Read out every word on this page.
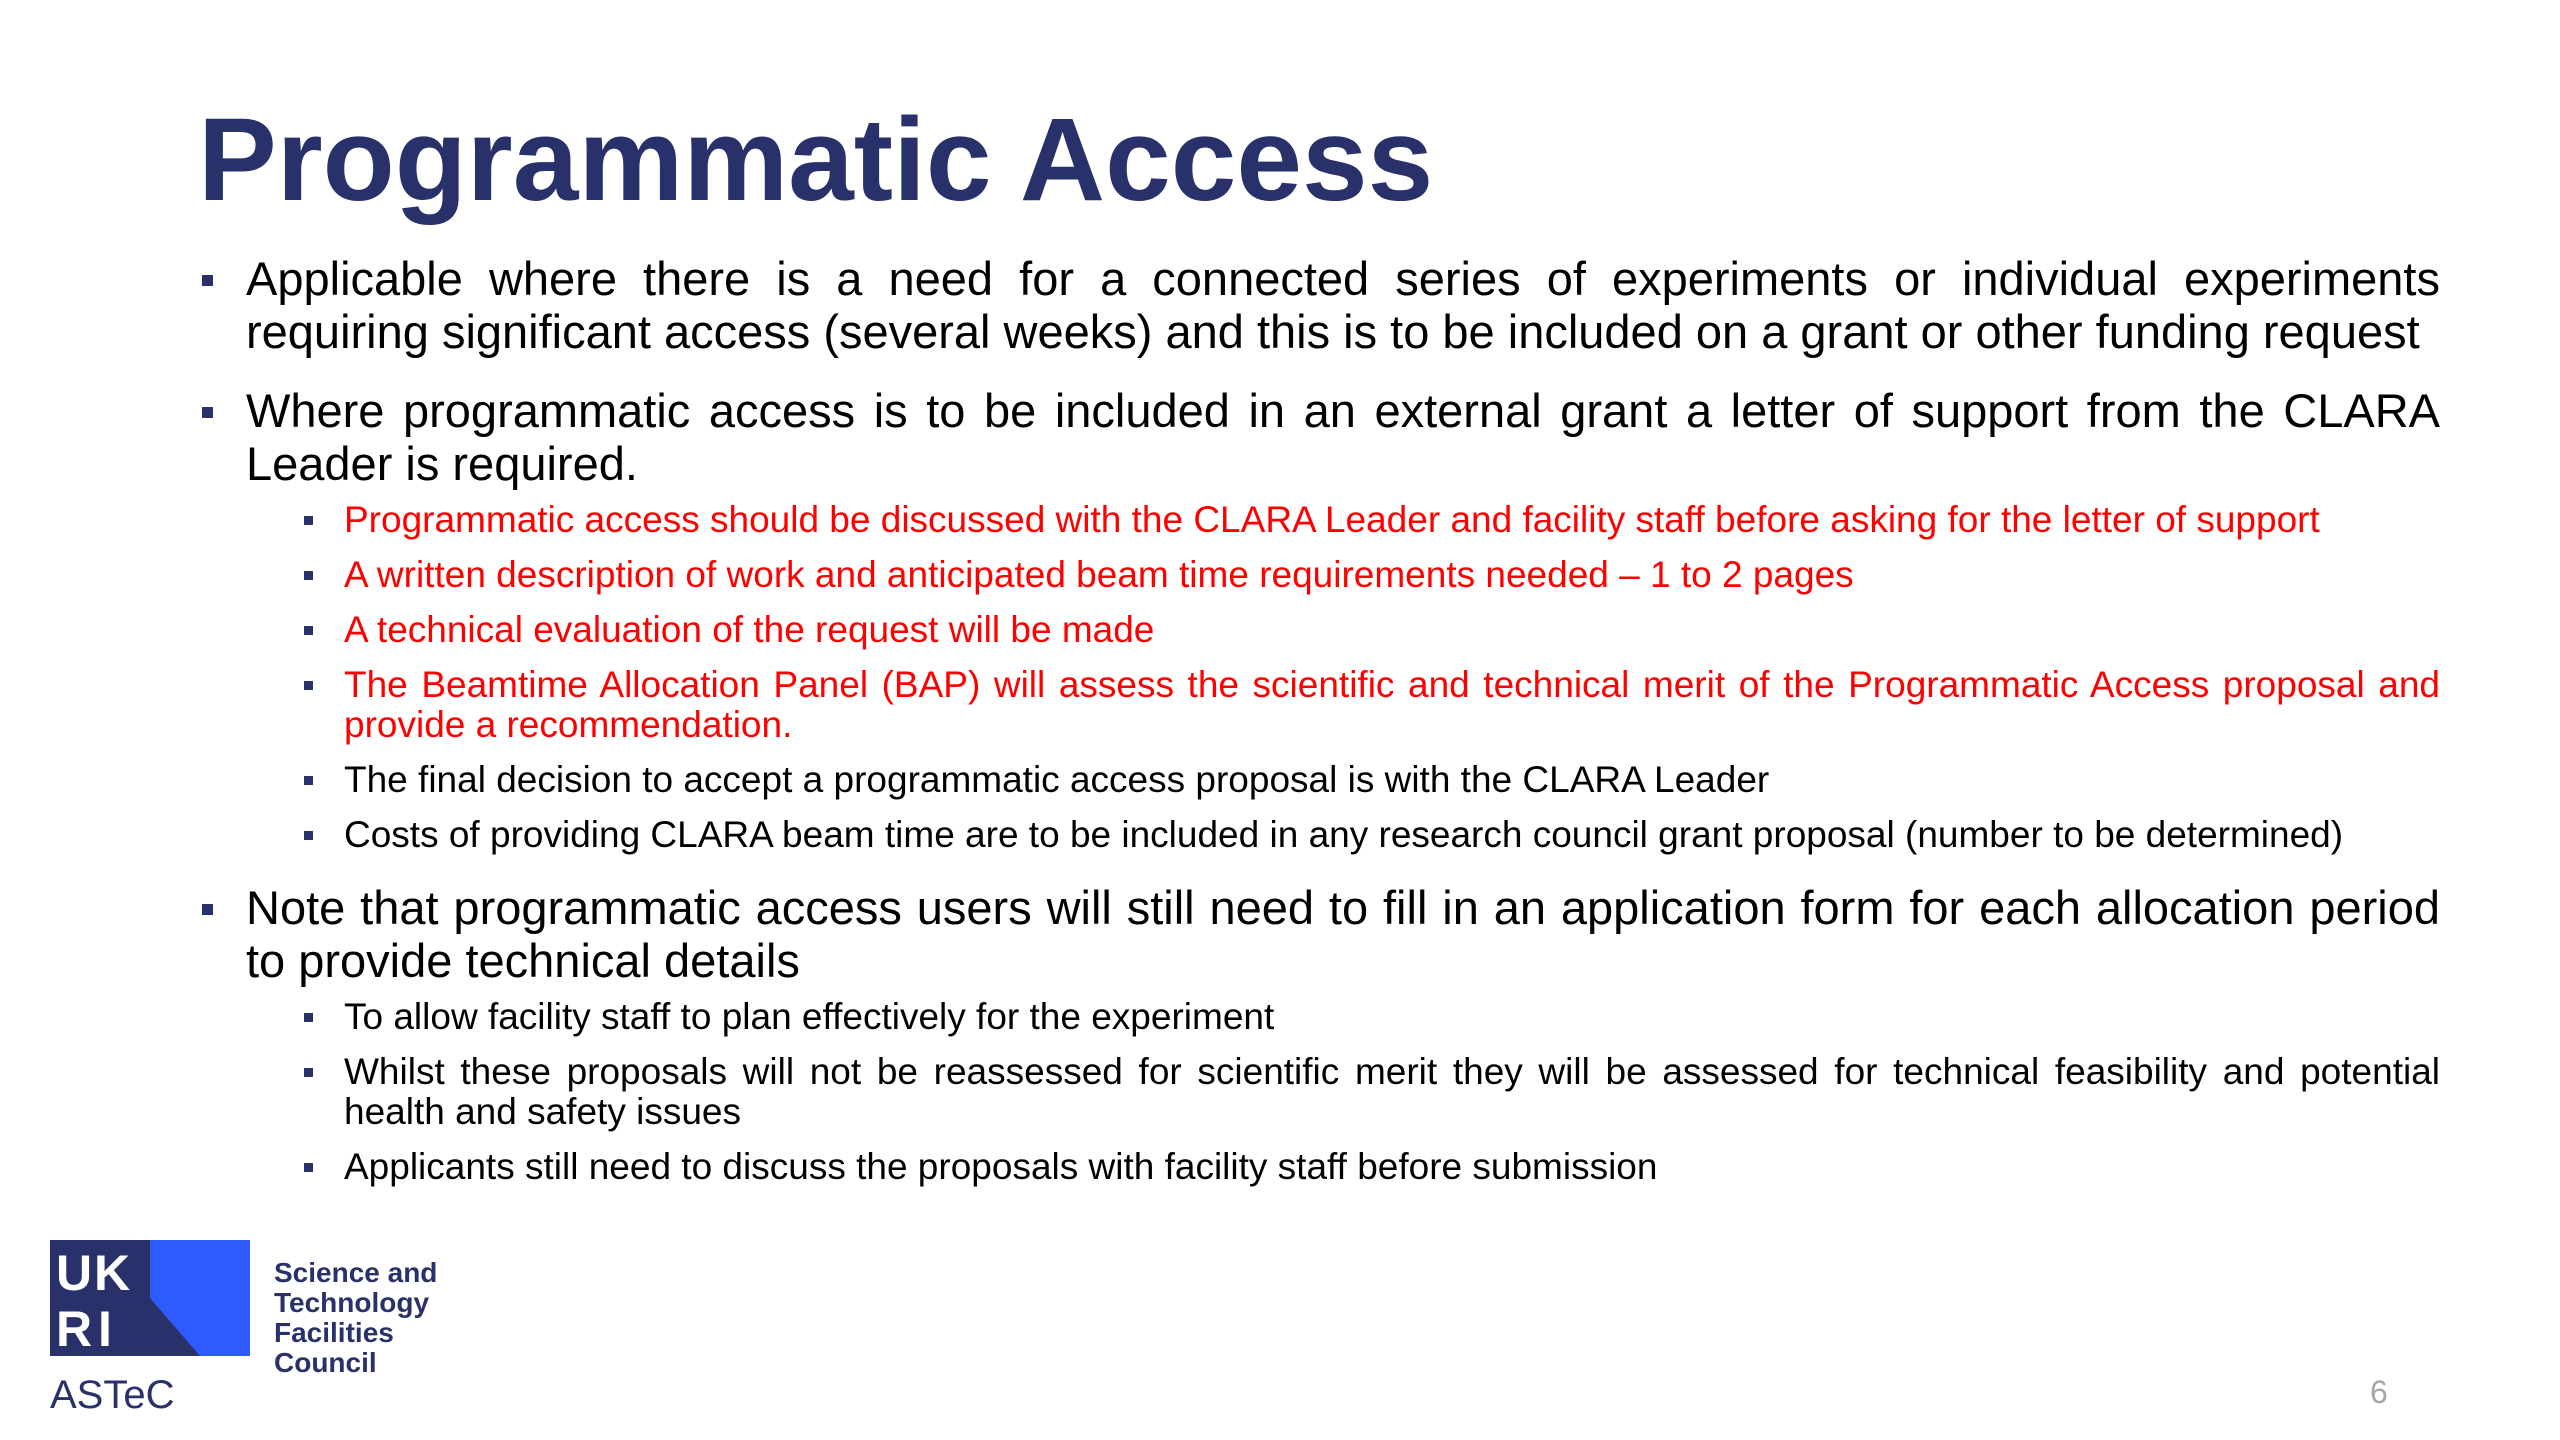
Programmatic Access
Applicable where there is a need for a connected series of experiments or individual experiments requiring significant access (several weeks) and this is to be included on a grant or other funding request
Where programmatic access is to be included in an external grant a letter of support from the CLARA Leader is required.
Programmatic access should be discussed with the CLARA Leader and facility staff before asking for the letter of support
A written description of work and anticipated beam time requirements needed – 1 to 2 pages
A technical evaluation of the request will be made
The Beamtime Allocation Panel (BAP) will assess the scientific and technical merit of the Programmatic Access proposal and provide a recommendation.
The final decision to accept a programmatic access proposal is with the CLARA Leader
Costs of providing CLARA beam time are to be included in any research council grant proposal (number to be determined)
Note that programmatic access users will still need to fill in an application form for each allocation period to provide technical details
To allow facility staff to plan effectively for the experiment
Whilst these proposals will not be reassessed for scientific merit they will be assessed for technical feasibility and potential health and safety issues
Applicants still need to discuss the proposals with facility staff before submission
U K
R I

Science and
Technology
Facilities Council

ASTeC	6
